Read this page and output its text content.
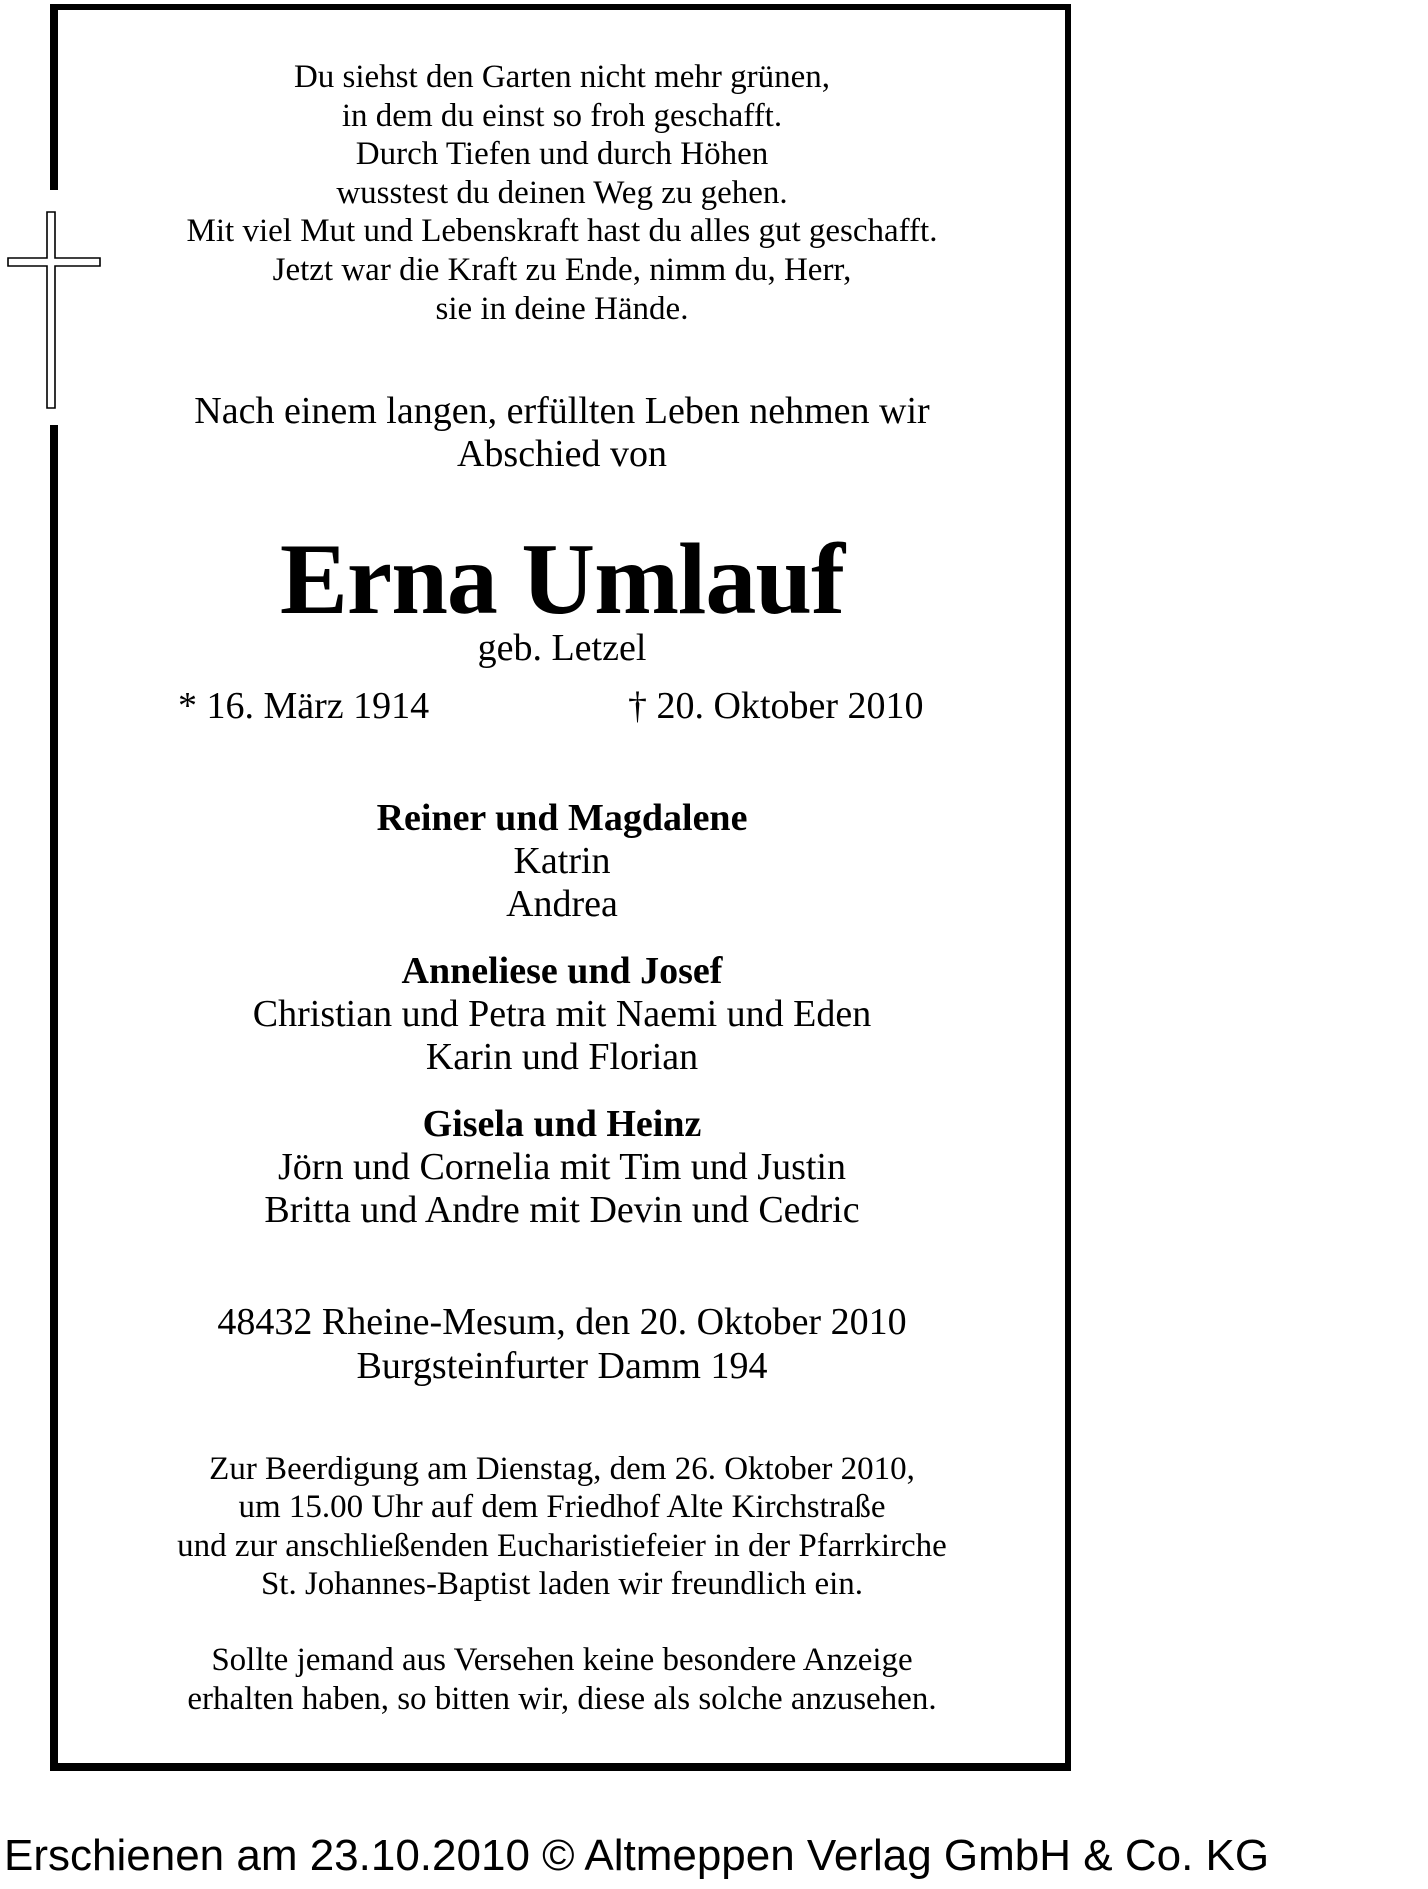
Du siehst den Garten nicht mehr grünen,
in dem du einst so froh geschafft.
Durch Tiefen und durch Höhen
wusstest du deinen Weg zu gehen.
Mit viel Mut und Lebenskraft hast du alles gut geschafft.
Jetzt war die Kraft zu Ende, nimm du, Herr,
sie in deine Hände.
Nach einem langen, erfüllten Leben nehmen wir
Abschied von
Erna Umlauf
geb. Letzel
* 16. März 1914	† 20. Oktober 2010
Reiner und Magdalene
Katrin
Andrea
Anneliese und Josef
Christian und Petra mit Naemi und Eden
Karin und Florian
Gisela und Heinz
Jörn und Cornelia mit Tim und Justin
Britta und Andre mit Devin und Cedric
48432 Rheine-Mesum, den 20. Oktober 2010
Burgsteinfurter Damm 194
Zur Beerdigung am Dienstag, dem 26. Oktober 2010,
um 15.00 Uhr auf dem Friedhof Alte Kirchstraße
und zur anschließenden Eucharistiefeier in der Pfarrkirche
St. Johannes-Baptist laden wir freundlich ein.
Sollte jemand aus Versehen keine besondere Anzeige
erhalten haben, so bitten wir, diese als solche anzusehen.
Erschienen am 23.10.2010 © Altmeppen Verlag GmbH & Co. KG
